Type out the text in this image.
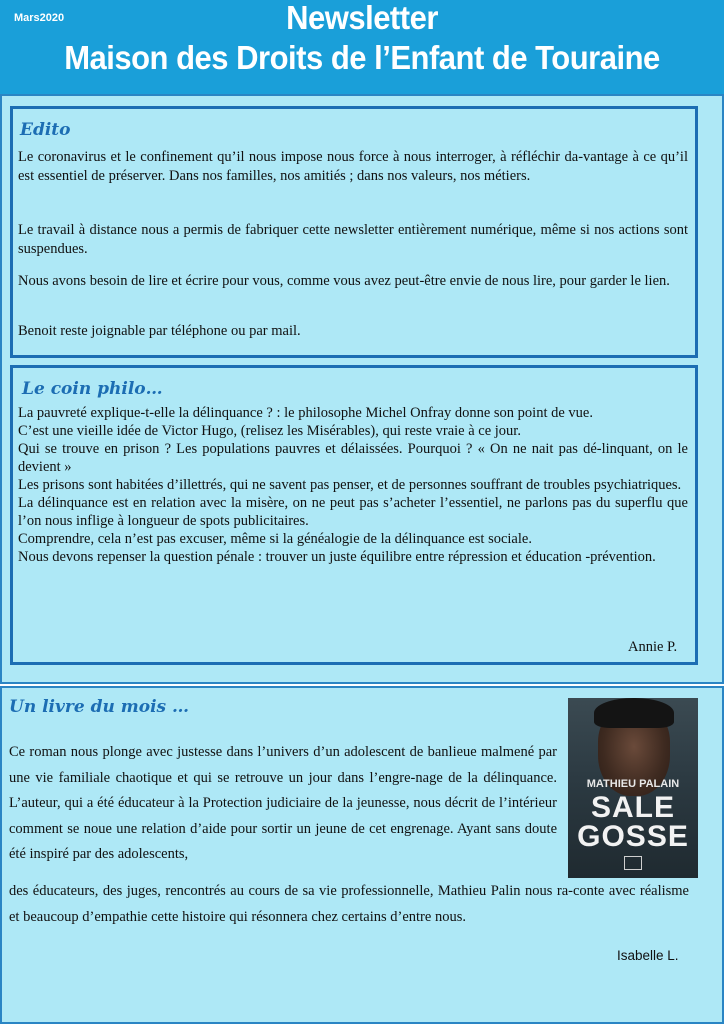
Mars2020	Newsletter
Maison des Droits de l’Enfant de Touraine
Edito
Le coronavirus et le confinement qu’il nous impose nous force à nous interroger, à réfléchir da-vantage à ce qu’il est essentiel de préserver. Dans nos familles, nos amitiés ; dans nos valeurs, nos métiers.
Le travail à distance nous a permis de fabriquer cette newsletter entièrement numérique, même si nos actions sont suspendues.
Nous avons besoin de lire et écrire pour vous, comme vous avez peut-être envie de nous lire, pour garder le lien.
Benoit reste joignable par téléphone ou par mail.
Le coin philo…

La pauvreté explique-t-elle la délinquance ? : le philosophe Michel Onfray donne son point de vue.

C’est une vieille idée de Victor Hugo, (relisez les Misérables), qui reste vraie à ce jour.

Qui se trouve en prison ? Les populations pauvres et délaissées. Pourquoi ? « On ne nait pas dé-linquant, on le devient »

Les prisons sont habitées d’illettrés, qui ne savent pas penser, et de personnes souffrant de troubles psychiatriques.

La délinquance est en relation avec la misère, on ne peut pas s’acheter l’essentiel, ne parlons pas du superflu que l’on nous inflige à longueur de spots publicitaires.

Comprendre, cela n’est pas excuser, même si la généalogie de la délinquance est sociale.

Nous devons repenser la question pénale : trouver un juste équilibre entre répression et éducation -prévention.

Annie P.
Un livre du mois …
Ce roman nous plonge avec justesse dans l’univers d’un adolescent de banlieue malmené par une vie familiale chaotique et qui se retrouve un jour dans l’engre-nage de la délinquance. L’auteur, qui a été éducateur à la Protection judiciaire de la jeunesse, nous décrit de l’intérieur comment se noue une relation d’aide pour sortir un jeune de cet engrenage. Ayant sans doute été inspiré par des adolescents,
des éducateurs, des juges, rencontrés au cours de sa vie professionnelle, Mathieu Palin nous ra-conte avec réalisme et beaucoup d’empathie cette histoire qui résonnera chez certains d’entre nous.
Isabelle L.
MATHIEU PALAIN
SALE
GOSSE
